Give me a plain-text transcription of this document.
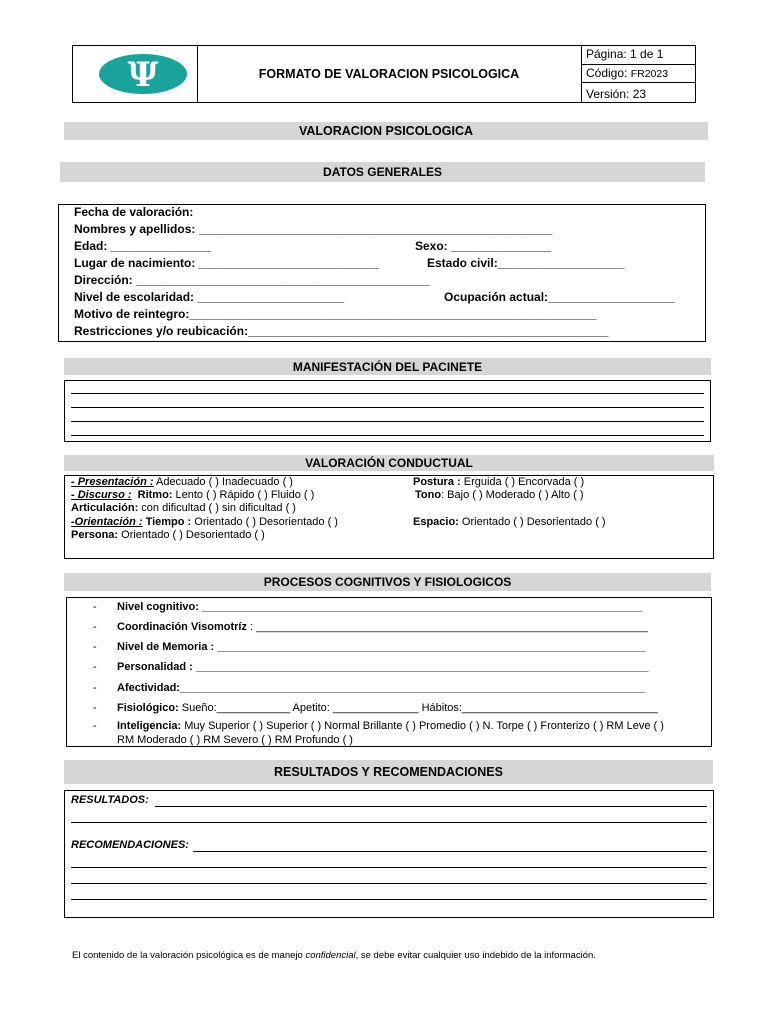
Ψ	FORMATO DE VALORACION PSICOLOGICA
Página: 1 de 1
Código: FR2023
Versión: 23
VALORACION PSICOLOGICA
DATOS GENERALES
Fecha de valoración:
Nombres y apellidos: _____________________________________________________
Edad: _______________	Sexo: _______________
Lugar de nacimiento: ___________________________	Estado civil:___________________
Dirección: ____________________________________________
Nivel de escolaridad: ______________________	Ocupación actual:___________________
Motivo de reintegro:_____________________________________________________________
Restricciones y/o reubicación:______________________________________________________
MANIFESTACIÓN DEL PACINETE
VALORACIÓN CONDUCTUAL
- Presentación : Adecuado ( ) Inadecuado ( )	Postura : Erguida ( ) Encorvada ( )
- Discurso : Ritmo: Lento ( ) Rápido ( ) Fluido ( )	Tono: Bajo ( ) Moderado ( ) Alto ( )
Articulación: con dificultad ( ) sin dificultad ( )
-Orientación : Tiempo : Orientado ( ) Desorientado ( )	Espacio: Orientado ( ) Desorientado ( )
Persona: Orientado ( ) Desorientado ( )
PROCESOS COGNITIVOS Y FISIOLOGICOS
- Nivel cognitivo: ________________________________________________________________________
- Coordinación Visomotríz : ________________________________________________________________
- Nivel de Memoria : ______________________________________________________________________
- Personalidad : __________________________________________________________________________
- Afectividad:____________________________________________________________________________
- Fisiológico: Sueño:____________ Apetito: ______________ Hábitos:________________________________
- Inteligencia: Muy Superior ( ) Superior ( ) Normal Brillante ( ) Promedio ( ) N. Torpe ( ) Fronterizo ( ) RM Leve ( )
RM Moderado ( ) RM Severo ( ) RM Profundo ( )
RESULTADOS Y RECOMENDACIONES
RESULTADOS:
RECOMENDACIONES:
El contenido de la valoración psicológica es de manejo confidencial, se debe evitar cualquier uso indebido de la información.
